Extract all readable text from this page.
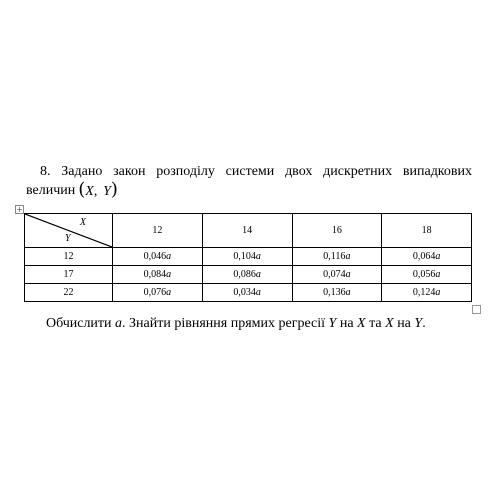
8. Задано закон розподілу системи двох дискретних випадкових
величин (X, Y)
+
X
Y	12	14	16	18
12	0,046a	0,104a	0,116a	0,064a
17	0,084a	0,086a	0,074a	0,056a
22	0,076a	0,034a	0,136a	0,124a
Обчислити a. Знайти рівняння прямих регресії Y на X та X на Y.
